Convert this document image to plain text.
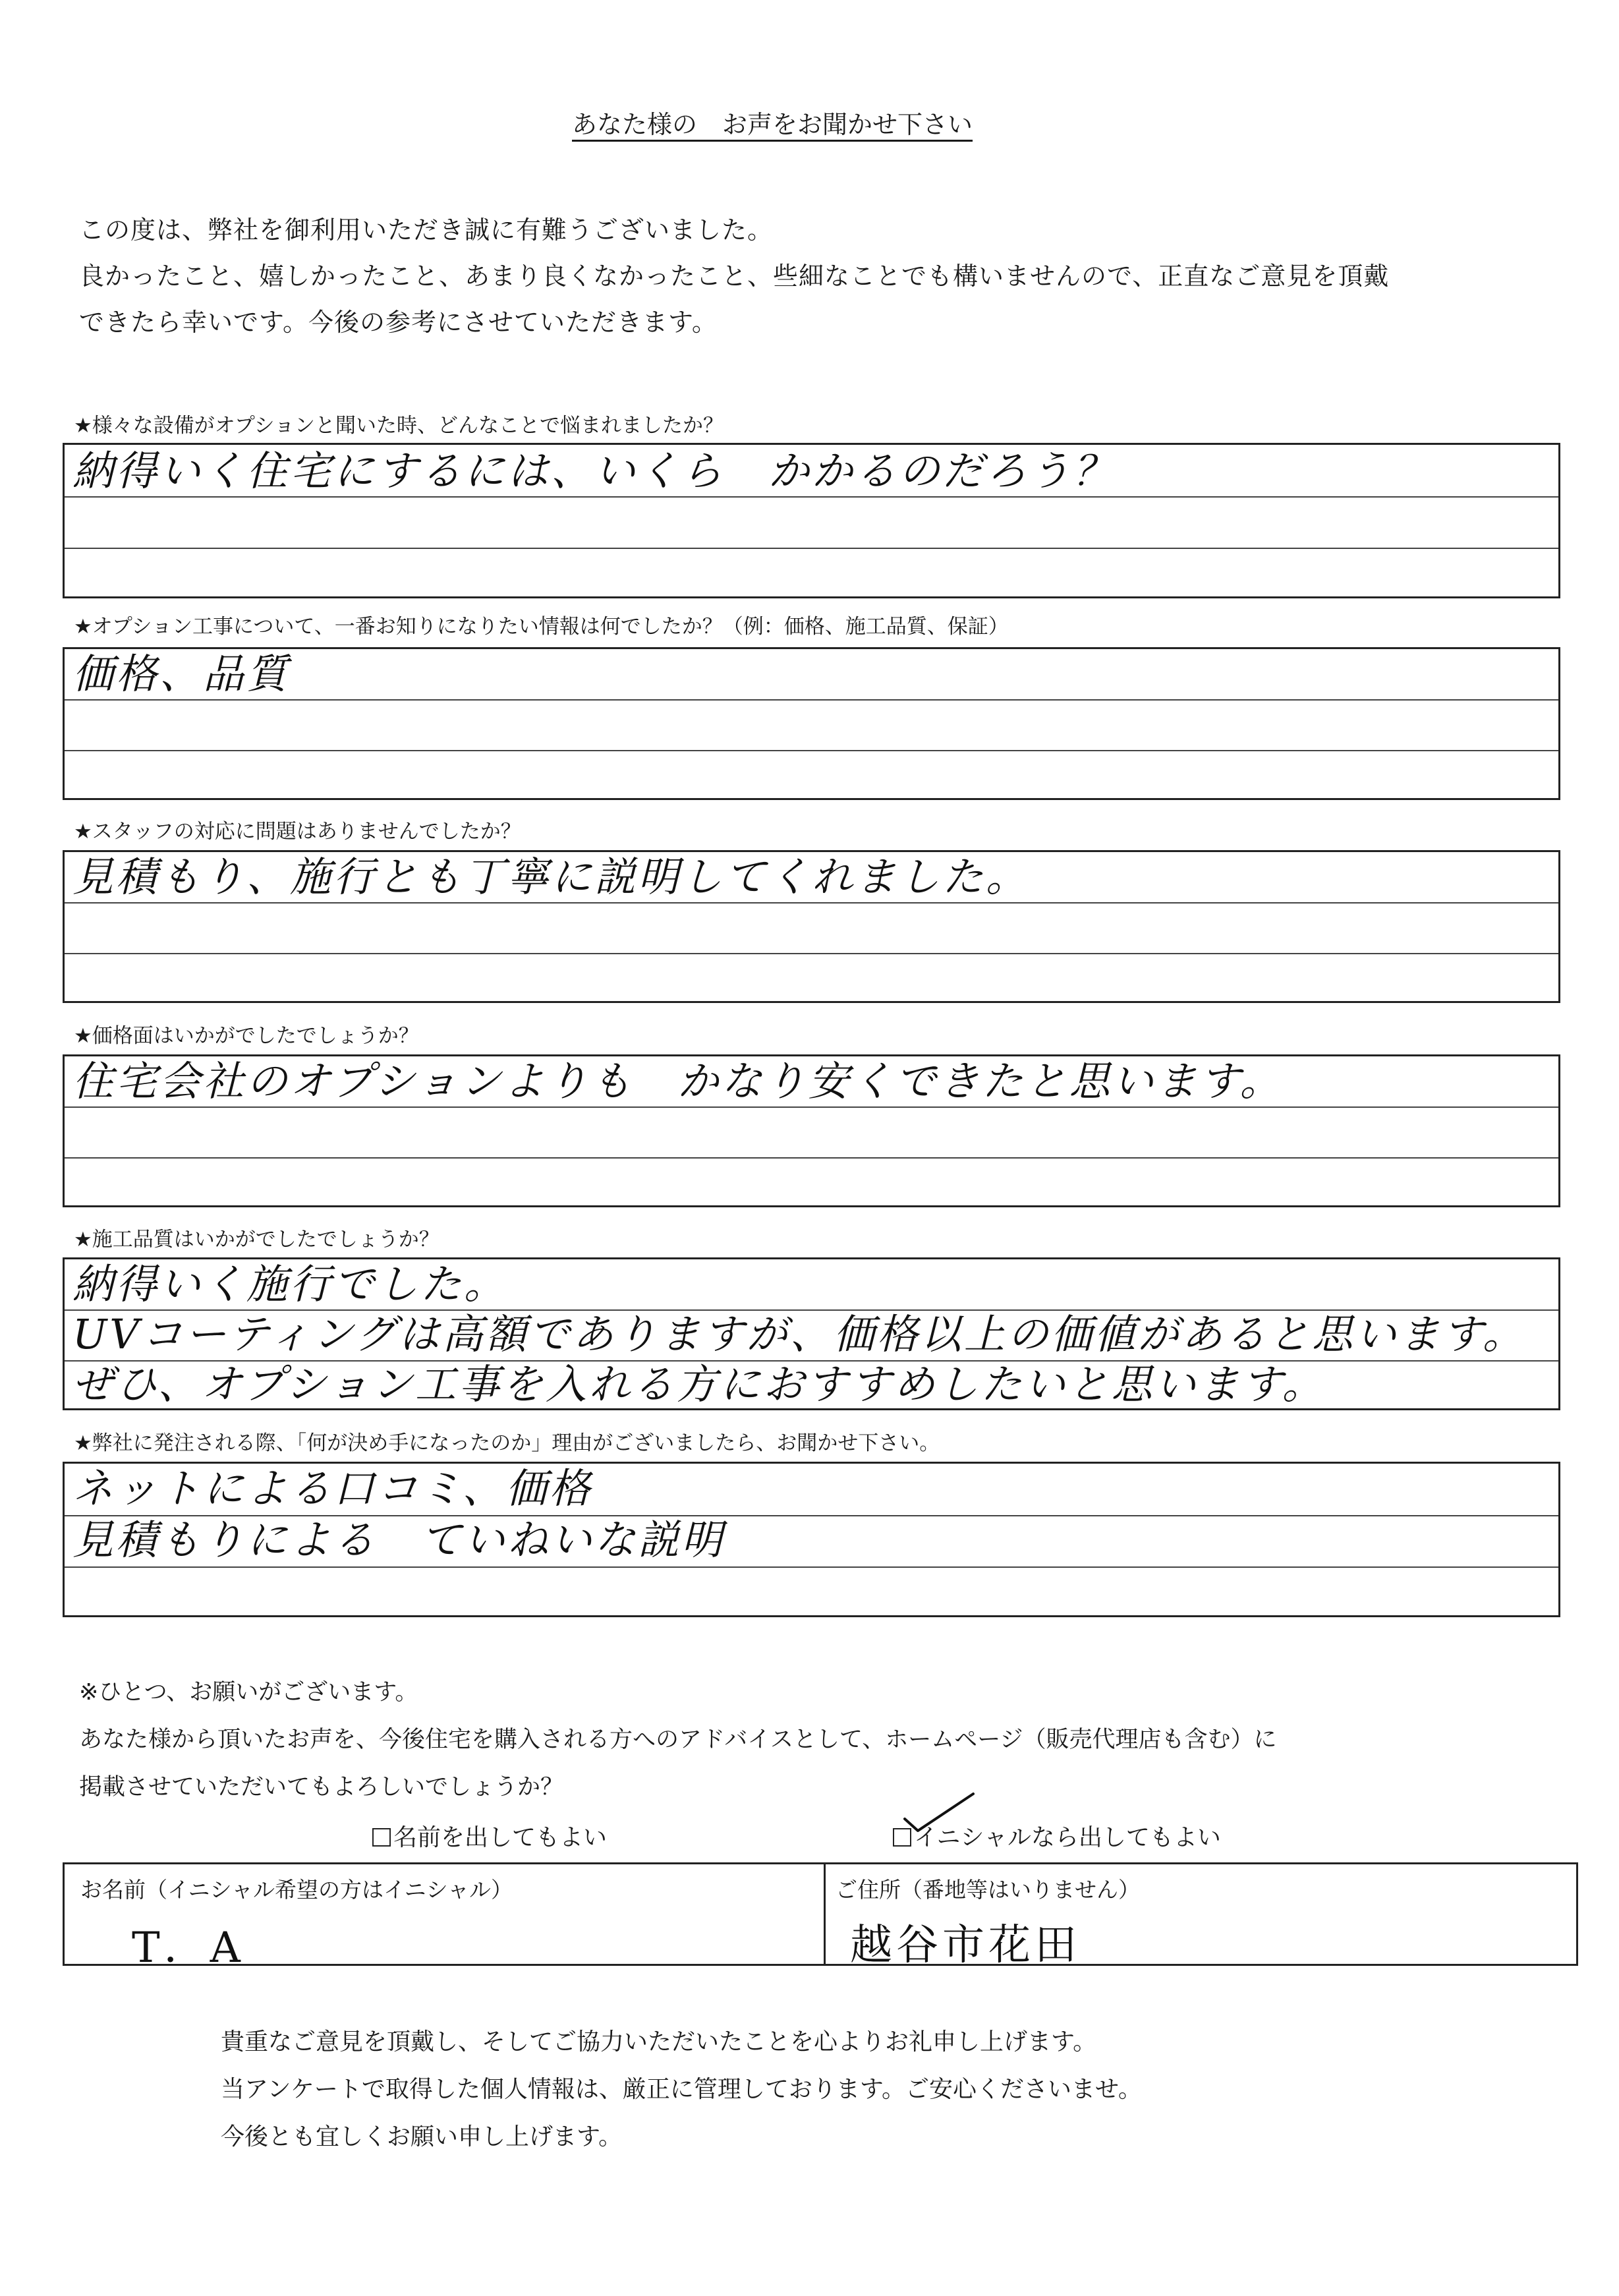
あなた様の　お声をお聞かせ下さい
この度は、弊社を御利用いただき誠に有難うございました。
良かったこと、嬉しかったこと、あまり良くなかったこと、些細なことでも構いませんので、正直なご意見を頂戴
できたら幸いです。今後の参考にさせていただきます。
★様々な設備がオプションと聞いた時、どんなことで悩まれましたか？
納得いく住宅にするには、いくら　かかるのだろう？
★オプション工事について、一番お知りになりたい情報は何でしたか？（例：価格、施工品質、保証）
価格、品質
★スタッフの対応に問題はありませんでしたか？
見積もり、施行とも丁寧に説明してくれました。
★価格面はいかがでしたでしょうか？
住宅会社のオプションよりも　かなり安くできたと思います。
★施工品質はいかがでしたでしょうか？
納得いく施行でした。
UVコーティングは高額でありますが、価格以上の価値があると思います。
ぜひ、オプション工事を入れる方におすすめしたいと思います。
★弊社に発注される際、「何が決め手になったのか」理由がございましたら、お聞かせ下さい。
ネットによる口コミ、価格
見積もりによる　ていねいな説明
※ひとつ、お願いがございます。
あなた様から頂いたお声を、今後住宅を購入される方へのアドバイスとして、ホームページ（販売代理店も含む）に
掲載させていただいてもよろしいでしょうか？
名前を出してもよい	イニシャルなら出してもよい
お名前（イニシャル希望の方はイニシャル）
T．A
ご住所（番地等はいりません）
越谷市花田
貴重なご意見を頂戴し、そしてご協力いただいたことを心よりお礼申し上げます。
当アンケートで取得した個人情報は、厳正に管理しております。ご安心くださいませ。
今後とも宜しくお願い申し上げます。
